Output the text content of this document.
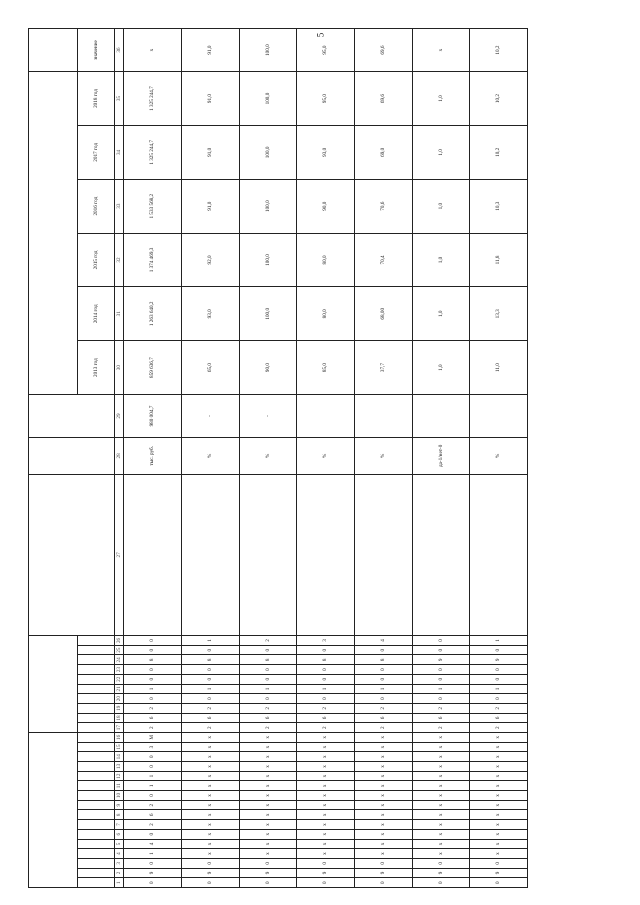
5

																													2013 год	2014 год	2015 год	2016 год	2017 год	2018 год	значение
1	2	3	4	5	6	7	8	9	10	11	12	13	14	15	16	17	18	19	20	21	22	23	24	25	26	27	28	29	30	31	32	33	34	35	36
0	9	0	1	4	0	2	6	2	0	1	1	0	0	3	М	2	6	2	0	1	0	0	8	0	0		тыс. руб.	980 004,7	859 636,7	1 263 640,2	1 374 469,3	1 533 568,2	1 325 244,7	1 325 244,7	х
0	9	0	х	х	х	х	х	х	х	х	х	х	х	х	х	2	6	2	0	1	0	0	8	0	1		%	-	65,0	93,0	92,0	91,0	91,0	91,0	91,0
0	9	0	х	х	х	х	х	х	х	х	х	х	х	х	х	2	6	2	0	1	0	0	8	0	2		%	-	90,0	100,0	100,0	100,0	100,0	100,0	100,0
0	9	0	х	х	х	х	х	х	х	х	х	х	х	х	х	2	6	2	0	1	0	0	8	0	3		%		85,0	80,0	80,0	90,0	93,0	95,0	95,0
0	9	0	х	х	х	х	х	х	х	х	х	х	х	х	х	2	6	2	0	1	0	0	8	0	4		%		37,7	68,00	70,4	70,6	69,0	69,6	69,6
0	9	0	х	х	х	х	х	х	х	х	х	х	х	х	х	2	6	2	0	1	0	0	9	0	0		да-1/нет-0		1,0	1,0	1,0	1,0	1,0	1,0	х
0	9	0	х	х	х	х	х	х	х	х	х	х	х	х	х	2	6	2	0	1	0	0	9	0	1		%		11,0	13,3	11,8	10,3	10,2	10,2	10,2
